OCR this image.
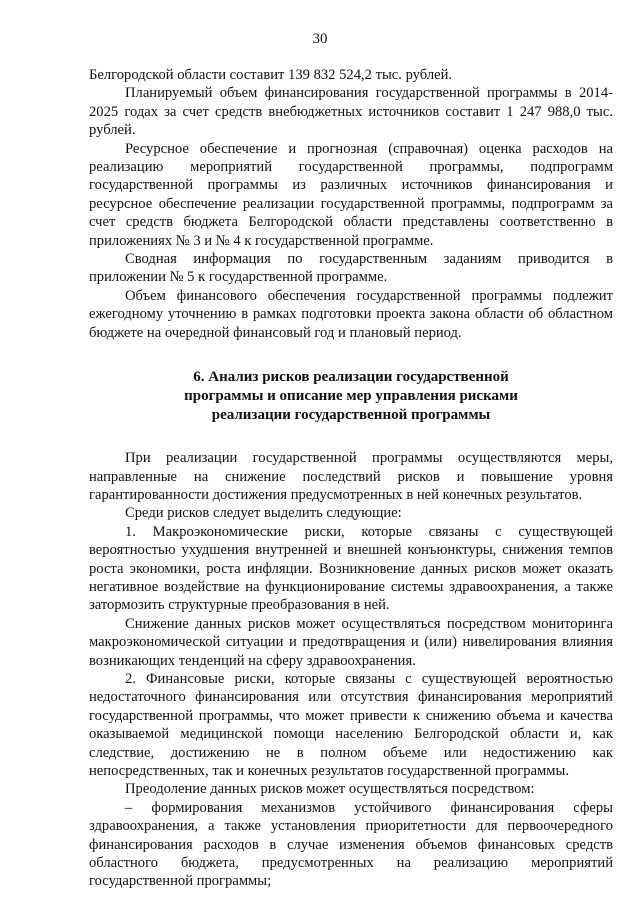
30

Белгородской области составит 139 832 524,2 тыс. рублей.

Планируемый объем финансирования государственной программы в 2014-2025 годах за счет средств внебюджетных источников составит 1 247 988,0 тыс. рублей.

Ресурсное обеспечение и прогнозная (справочная) оценка расходов на реализацию мероприятий государственной программы, подпрограмм государственной программы из различных источников финансирования и ресурсное обеспечение реализации государственной программы, подпрограмм за счет средств бюджета Белгородской области представлены соответственно в приложениях № 3 и № 4 к государственной программе.

Сводная информация по государственным заданиям приводится в приложении № 5 к государственной программе.

Объем финансового обеспечения государственной программы подлежит ежегодному уточнению в рамках подготовки проекта закона области об областном бюджете на очередной финансовый год и плановый период.

6. Анализ рисков реализации государственной
программы и описание мер управления рисками
реализации государственной программы

При реализации государственной программы осуществляются меры, направленные на снижение последствий рисков и повышение уровня гарантированности достижения предусмотренных в ней конечных результатов.

Среди рисков следует выделить следующие:

1. Макроэкономические риски, которые связаны с существующей вероятностью ухудшения внутренней и внешней конъюнктуры, снижения темпов роста экономики, роста инфляции. Возникновение данных рисков может оказать негативное воздействие на функционирование системы здравоохранения, а также затормозить структурные преобразования в ней.

Снижение данных рисков может осуществляться посредством мониторинга макроэкономической ситуации и предотвращения и (или) нивелирования влияния возникающих тенденций на сферу здравоохранения.

2. Финансовые риски, которые связаны с существующей вероятностью недостаточного финансирования или отсутствия финансирования мероприятий государственной программы, что может привести к снижению объема и качества оказываемой медицинской помощи населению Белгородской области и, как следствие, достижению не в полном объеме или недостижению как непосредственных, так и конечных результатов государственной программы.

Преодоление данных рисков может осуществляться посредством:

– формирования механизмов устойчивого финансирования сферы здравоохранения, а также установления приоритетности для первоочередного финансирования расходов в случае изменения объемов финансовых средств областного бюджета, предусмотренных на реализацию мероприятий государственной программы;
